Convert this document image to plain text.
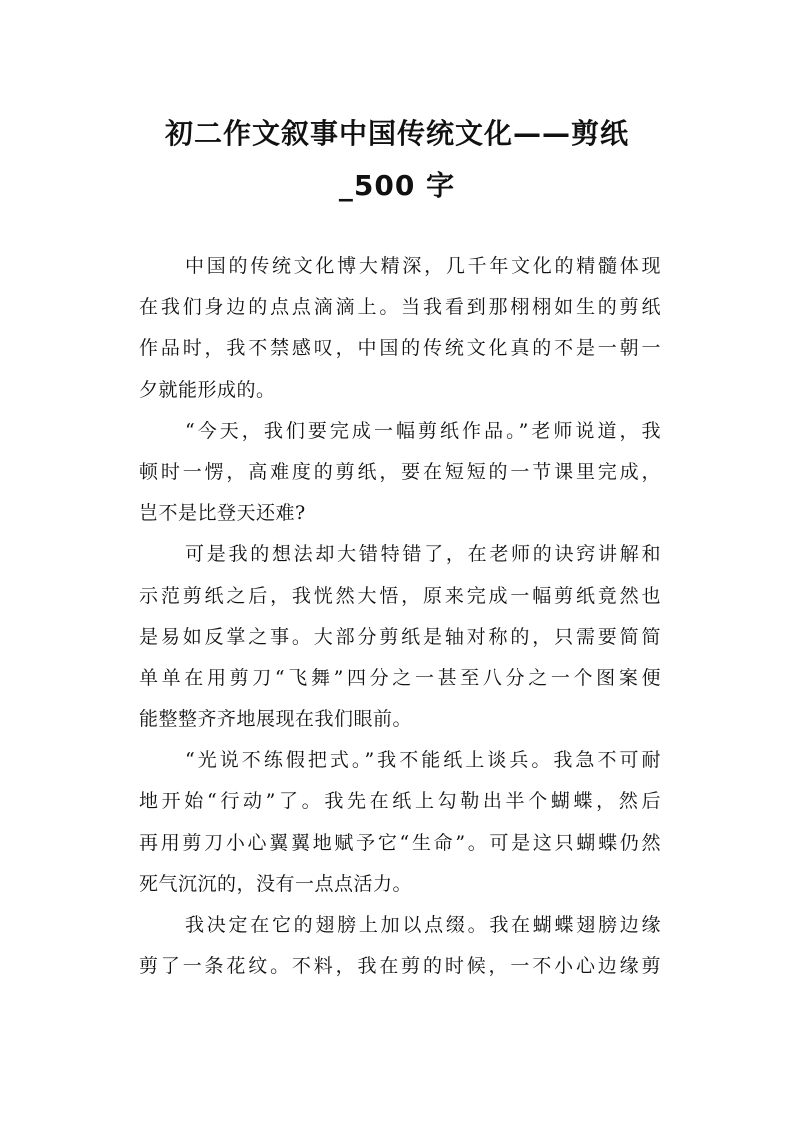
初二作文叙事中国传统文化——剪纸
_500 字
中国的传统文化博大精深，几千年文化的精髓体现
在我们身边的点点滴滴上。当我看到那栩栩如生的剪纸
作品时，我不禁感叹，中国的传统文化真的不是一朝一
夕就能形成的。
“今天，我们要完成一幅剪纸作品。”老师说道，我
顿时一愣，高难度的剪纸，要在短短的一节课里完成，
岂不是比登天还难?
可是我的想法却大错特错了，在老师的诀窍讲解和
示范剪纸之后，我恍然大悟，原来完成一幅剪纸竟然也
是易如反掌之事。大部分剪纸是轴对称的，只需要简简
单单在用剪刀“飞舞”四分之一甚至八分之一个图案便
能整整齐齐地展现在我们眼前。
“光说不练假把式。”我不能纸上谈兵。我急不可耐
地开始“行动”了。我先在纸上勾勒出半个蝴蝶，然后
再用剪刀小心翼翼地赋予它“生命”。可是这只蝴蝶仍然
死气沉沉的，没有一点点活力。
我决定在它的翅膀上加以点缀。我在蝴蝶翅膀边缘
剪了一条花纹。不料，我在剪的时候，一不小心边缘剪
